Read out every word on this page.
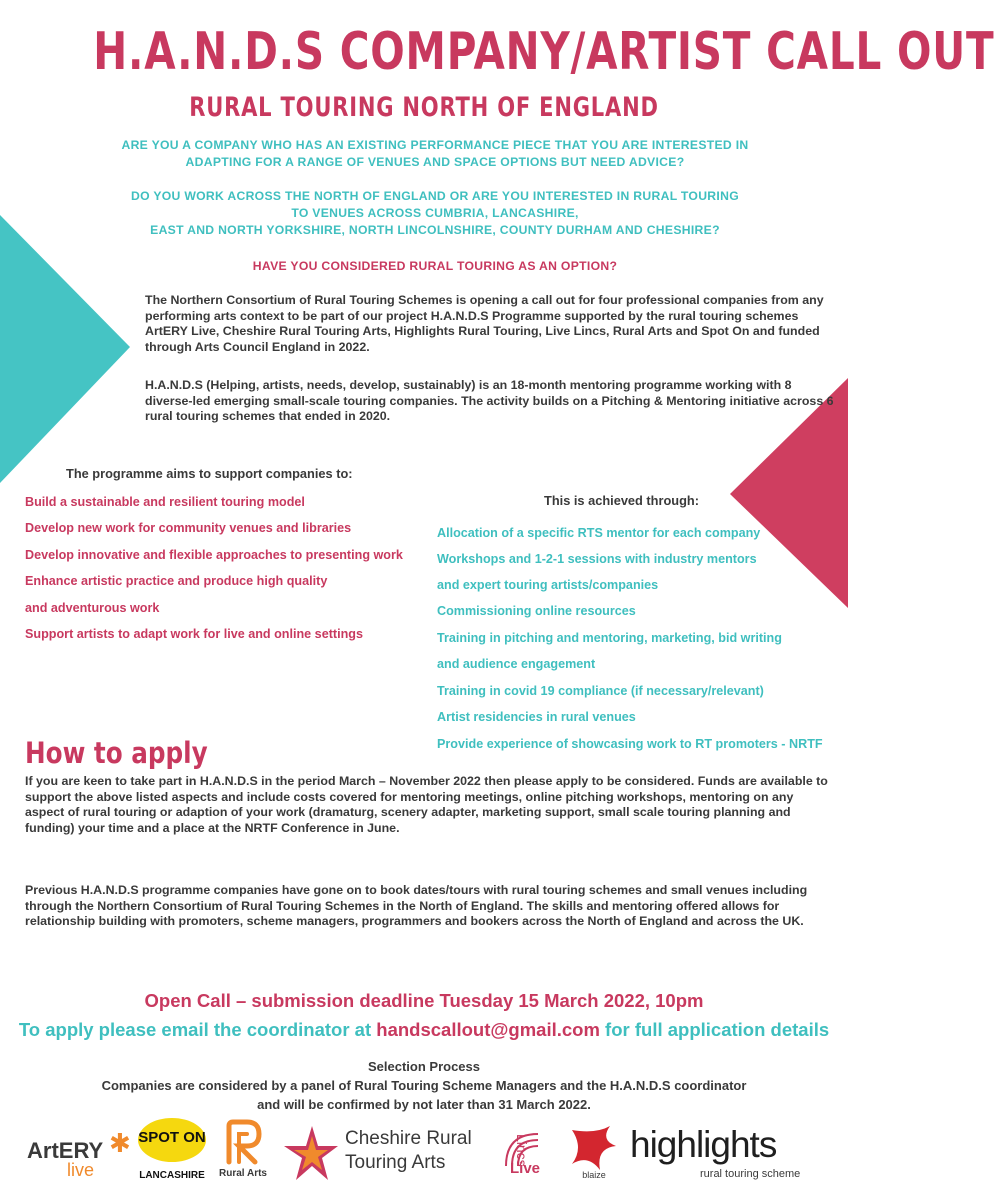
H.A.N.D.S COMPANY/ARTIST CALL OUT
RURAL TOURING NORTH OF ENGLAND
ARE YOU A COMPANY WHO HAS AN EXISTING PERFORMANCE PIECE THAT YOU ARE INTERESTED IN
ADAPTING FOR A RANGE OF VENUES AND SPACE OPTIONS BUT NEED ADVICE?
DO YOU WORK ACROSS THE NORTH OF ENGLAND OR ARE YOU INTERESTED IN RURAL TOURING
TO VENUES ACROSS CUMBRIA, LANCASHIRE,
EAST AND NORTH YORKSHIRE, NORTH LINCOLNSHIRE, COUNTY DURHAM AND CHESHIRE?
HAVE YOU CONSIDERED RURAL TOURING AS AN OPTION?

The Northern Consortium of Rural Touring Schemes is opening a call out for four professional companies from any performing arts context to be part of our project H.A.N.D.S Programme supported by the rural touring schemes ArtERY Live, Cheshire Rural Touring Arts, Highlights Rural Touring, Live Lincs, Rural Arts and Spot On and funded through Arts Council England in 2022.

H.A.N.D.S (Helping, artists, needs, develop, sustainably) is an 18-month mentoring programme working with 8 diverse-led emerging small-scale touring companies. The activity builds on a Pitching & Mentoring initiative across 6 rural touring schemes that ended in 2020.

The programme aims to support companies to:
Build a sustainable and resilient touring model
Develop new work for community venues and libraries
Develop innovative and flexible approaches to presenting work
Enhance artistic practice and produce high quality
and adventurous work
Support artists to adapt work for live and online settings
This is achieved through:
Allocation of a specific RTS mentor for each company
Workshops and 1-2-1 sessions with industry mentors
and expert touring artists/companies
Commissioning online resources
Training in pitching and mentoring, marketing, bid writing
and audience engagement
Training in covid 19 compliance (if necessary/relevant)
Artist residencies in rural venues
Provide experience of showcasing work to RT promoters - NRTF
How to apply

If you are keen to take part in H.A.N.D.S in the period March – November 2022 then please apply to be considered. Funds are available to support the above listed aspects and include costs covered for mentoring meetings, online pitching workshops, mentoring on any aspect of rural touring or adaption of your work (dramaturg, scenery adapter, marketing support, small scale touring planning and funding) your time and a place at the NRTF Conference in June.

Previous H.A.N.D.S programme companies have gone on to book dates/tours with rural touring schemes and small venues including through the Northern Consortium of Rural Touring Schemes in the North of England. The skills and mentoring offered allows for relationship building with promoters, scheme managers, programmers and bookers across the North of England and across the UK.

Open Call – submission deadline Tuesday 15 March 2022, 10pm
To apply please email the coordinator at handscallout@gmail.com for full application details
Selection Process
Companies are considered by a panel of Rural Touring Scheme Managers and the H.A.N.D.S coordinator
and will be confirmed by not later than 31 March 2022.
ArtERY ✱
live
SPOT ON
LANCASHIRE	Rural Arts
Cheshire Rural
Touring Arts	Live
Lincs
blaize
highlights
rural touring scheme
